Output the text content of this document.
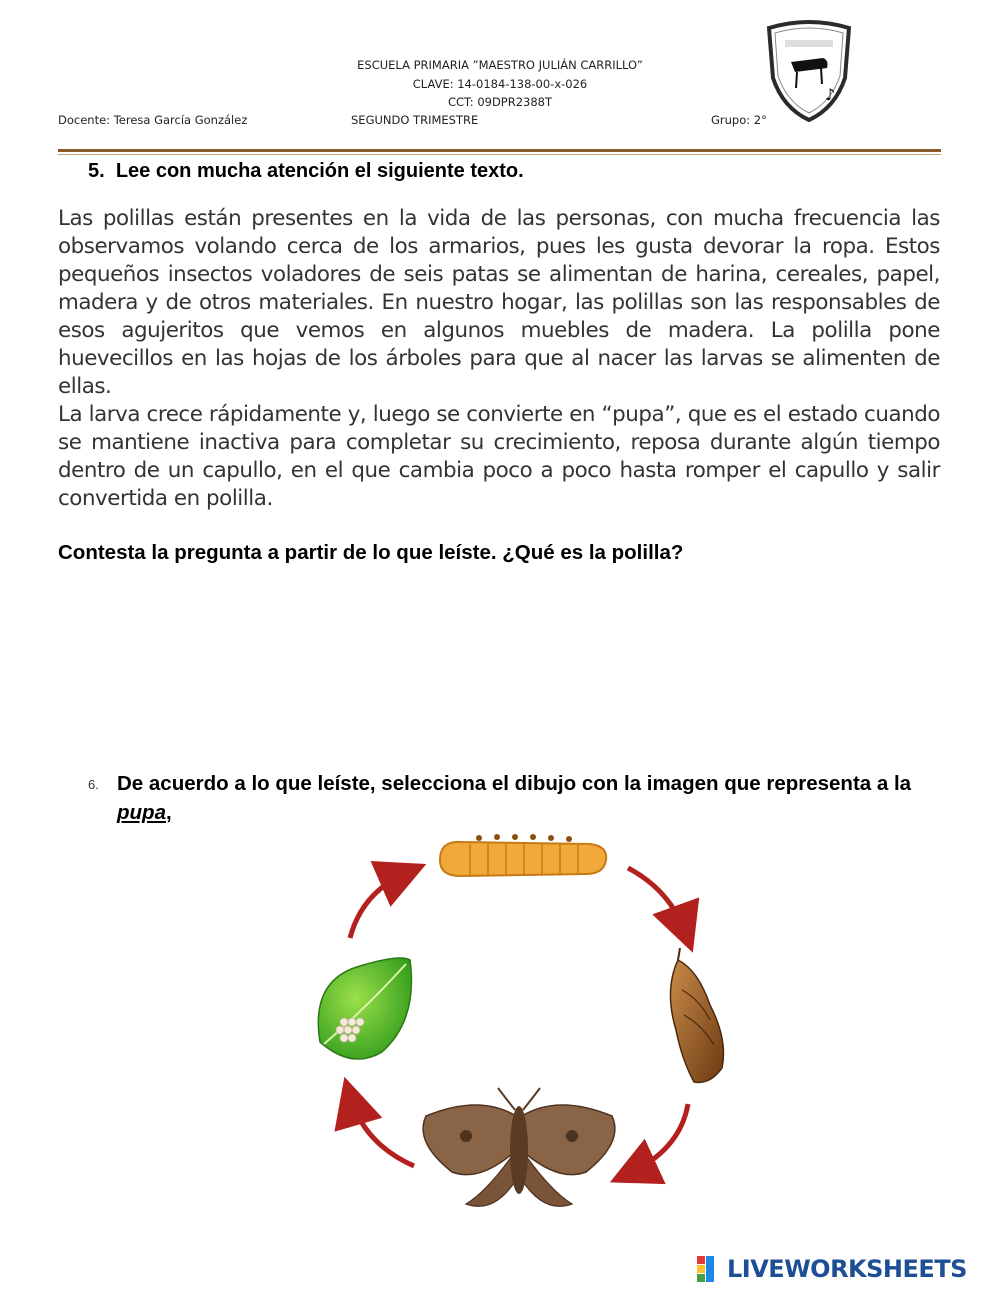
ESCUELA PRIMARIA ”MAESTRO JULIÁN CARRILLO”
CLAVE: 14-0184-138-00-x-026
CCT: 09DPR2388T
Docente: Teresa García González	SEGUNDO TRIMESTRE	Grupo: 2°
♪
5. Lee con mucha atención el siguiente texto.

Las polillas están presentes en la vida de las personas, con mucha frecuencia las observamos volando cerca de los armarios, pues les gusta devorar la ropa. Estos pequeños insectos voladores de seis patas se alimentan de harina, cereales, papel, madera y de otros materiales. En nuestro hogar, las polillas son las responsables de esos agujeritos que vemos en algunos muebles de madera. La polilla pone huevecillos en las hojas de los árboles para que al nacer las larvas se alimenten de ellas.

La larva crece rápidamente y, luego se convierte en “pupa”, que es el estado cuando se mantiene inactiva para completar su crecimiento, reposa durante algún tiempo dentro de un capullo, en el que cambia poco a poco hasta romper el capullo y salir convertida en polilla.

Contesta la pregunta a partir de lo que leíste. ¿Qué es la polilla?
6. De acuerdo a lo que leíste, selecciona el dibujo con la imagen que representa a la pupa,
LIVEWORKSHEETS
